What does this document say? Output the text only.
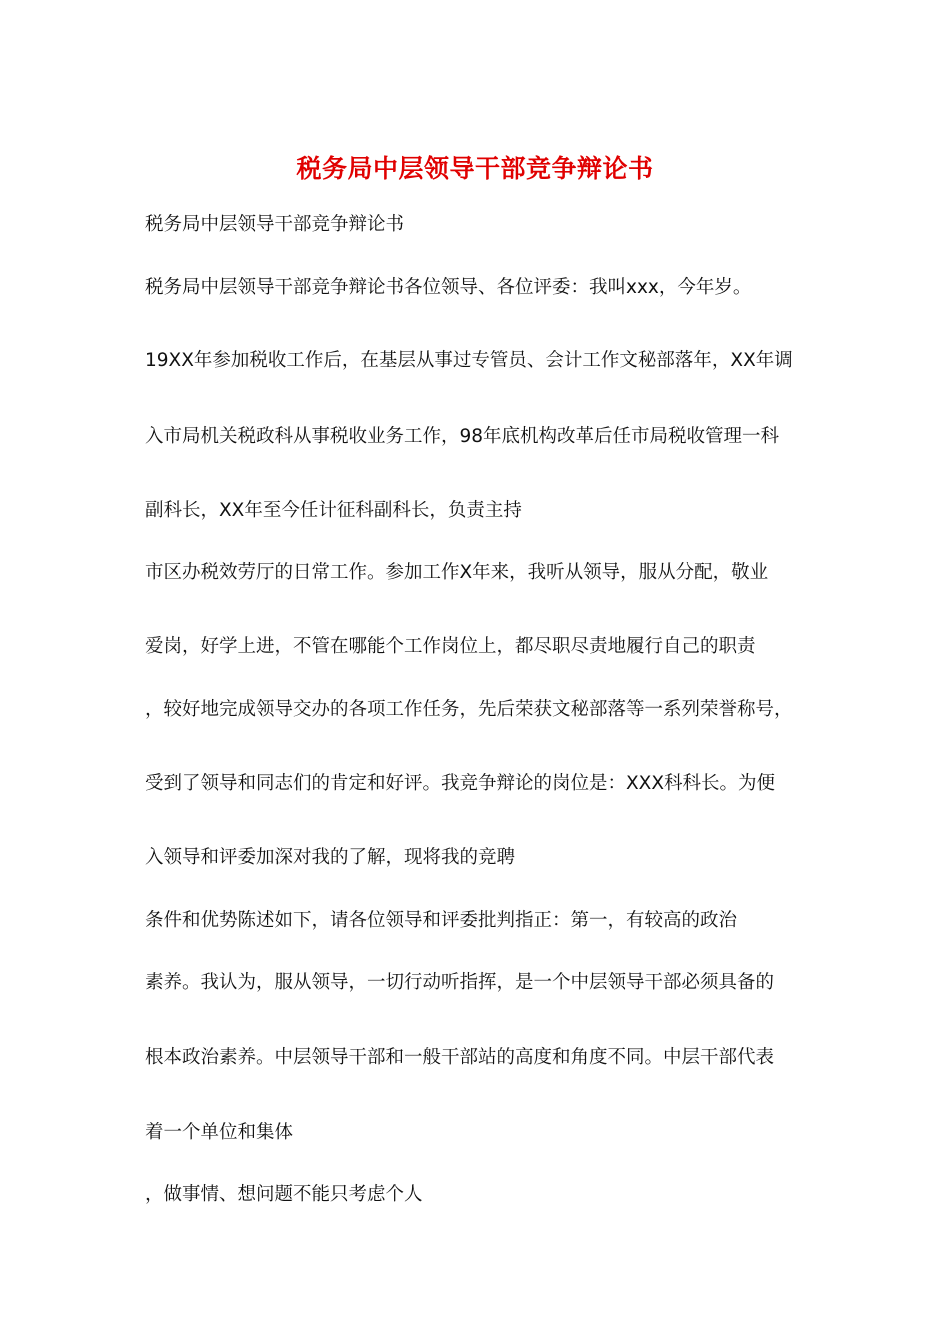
税务局中层领导干部竞争辩论书
税务局中层领导干部竞争辩论书
税务局中层领导干部竞争辩论书各位领导、各位评委：我叫xxx，今年岁。
19XX年参加税收工作后，在基层从事过专管员、会计工作文秘部落年，XX年调
入市局机关税政科从事税收业务工作，98年底机构改革后任市局税收管理一科
副科长，XX年至今任计征科副科长，负责主持
市区办税效劳厅的日常工作。参加工作X年来，我听从领导，服从分配，敬业
爱岗，好学上进，不管在哪能个工作岗位上，都尽职尽责地履行自己的职责
，较好地完成领导交办的各项工作任务，先后荣获文秘部落等一系列荣誉称号，
受到了领导和同志们的肯定和好评。我竞争辩论的岗位是：XXX科科长。为便
入领导和评委加深对我的了解，现将我的竞聘
条件和优势陈述如下，请各位领导和评委批判指正：第一，有较高的政治
素养。我认为，服从领导，一切行动听指挥，是一个中层领导干部必须具备的
根本政治素养。中层领导干部和一般干部站的高度和角度不同。中层干部代表
着一个单位和集体
，做事情、想问题不能只考虑个人
